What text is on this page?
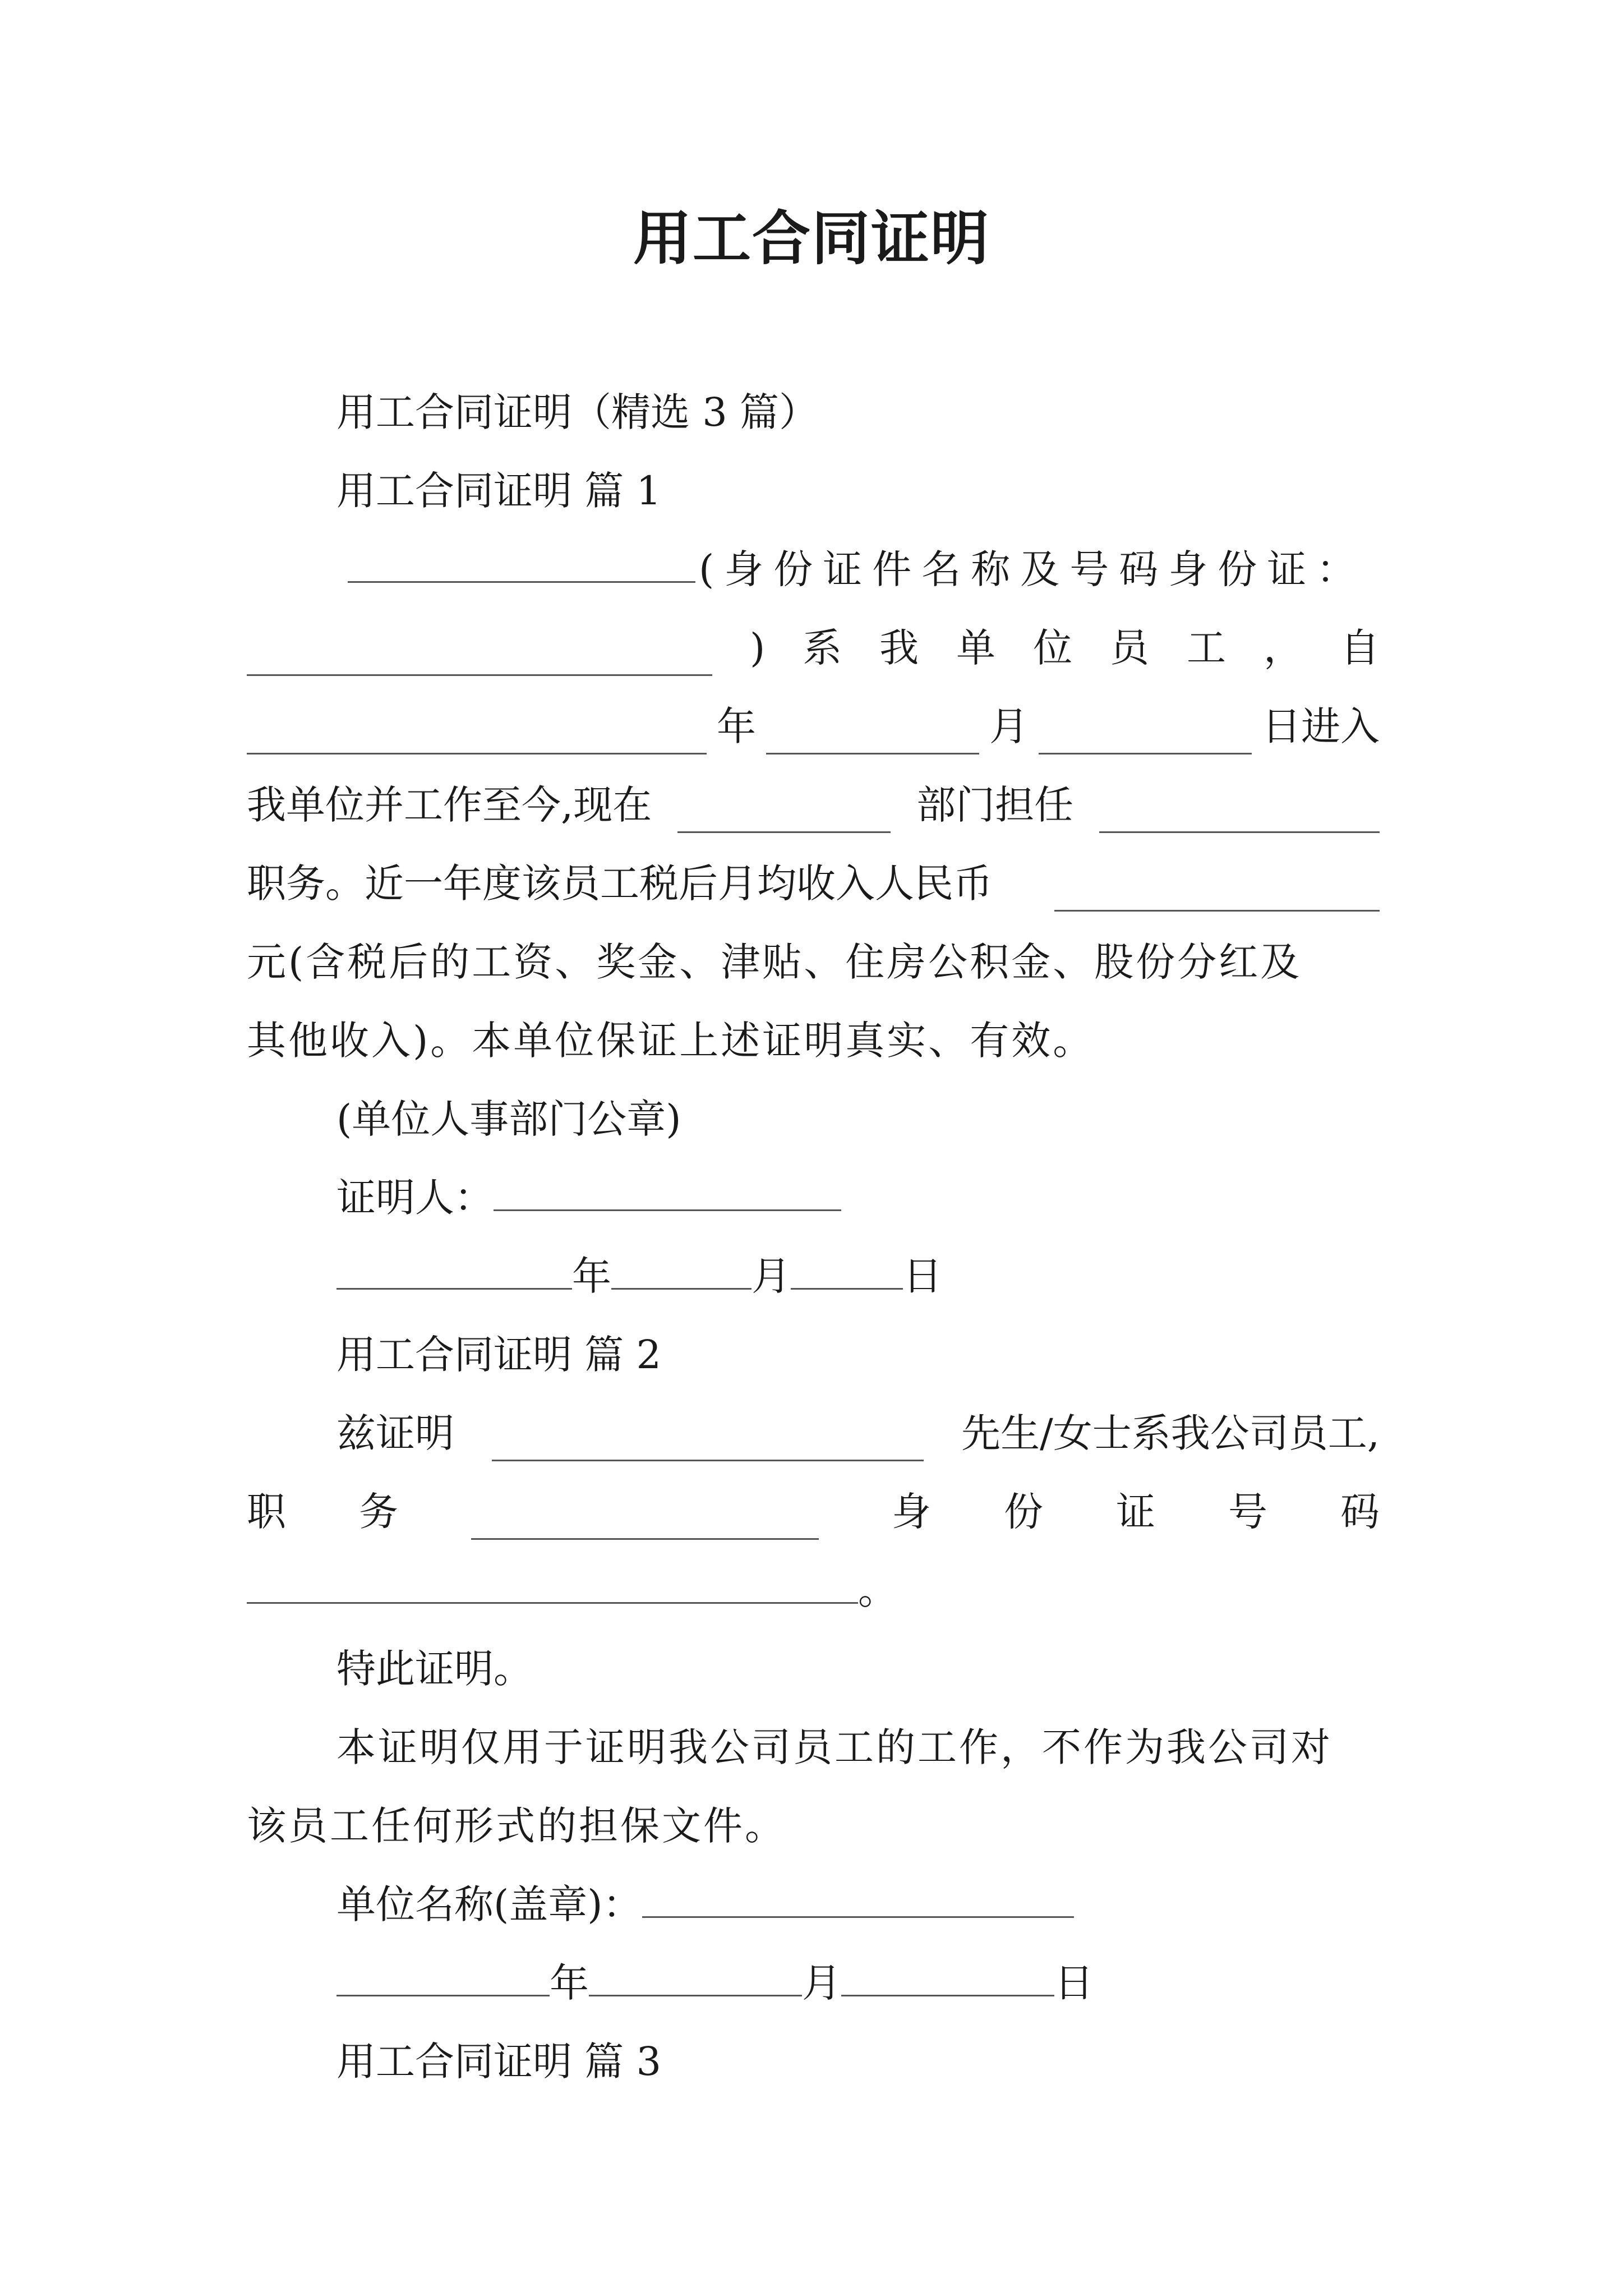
用工合同证明
用工合同证明（精选 3 篇）
用工合同证明 篇 1
(身份证件名称及号码身份证：
) 系 我 单 位 员 工 ， 自
年	月	日进入
我单位并工作至今,现在	部门担任
职务。近一年度该员工税后月均收入人民币
元(含税后的工资、奖金、津贴、住房公积金、股份分红及
其他收入)。本单位保证上述证明真实、有效。
(单位人事部门公章)
证明人：
年	月	日
用工合同证明 篇 2
兹证明	先生/女士系我公司员工,
职 务	身 份 证 号 码
。
特此证明。
本证明仅用于证明我公司员工的工作，不作为我公司对
该员工任何形式的担保文件。
单位名称(盖章)：
年	月	日
用工合同证明 篇 3
